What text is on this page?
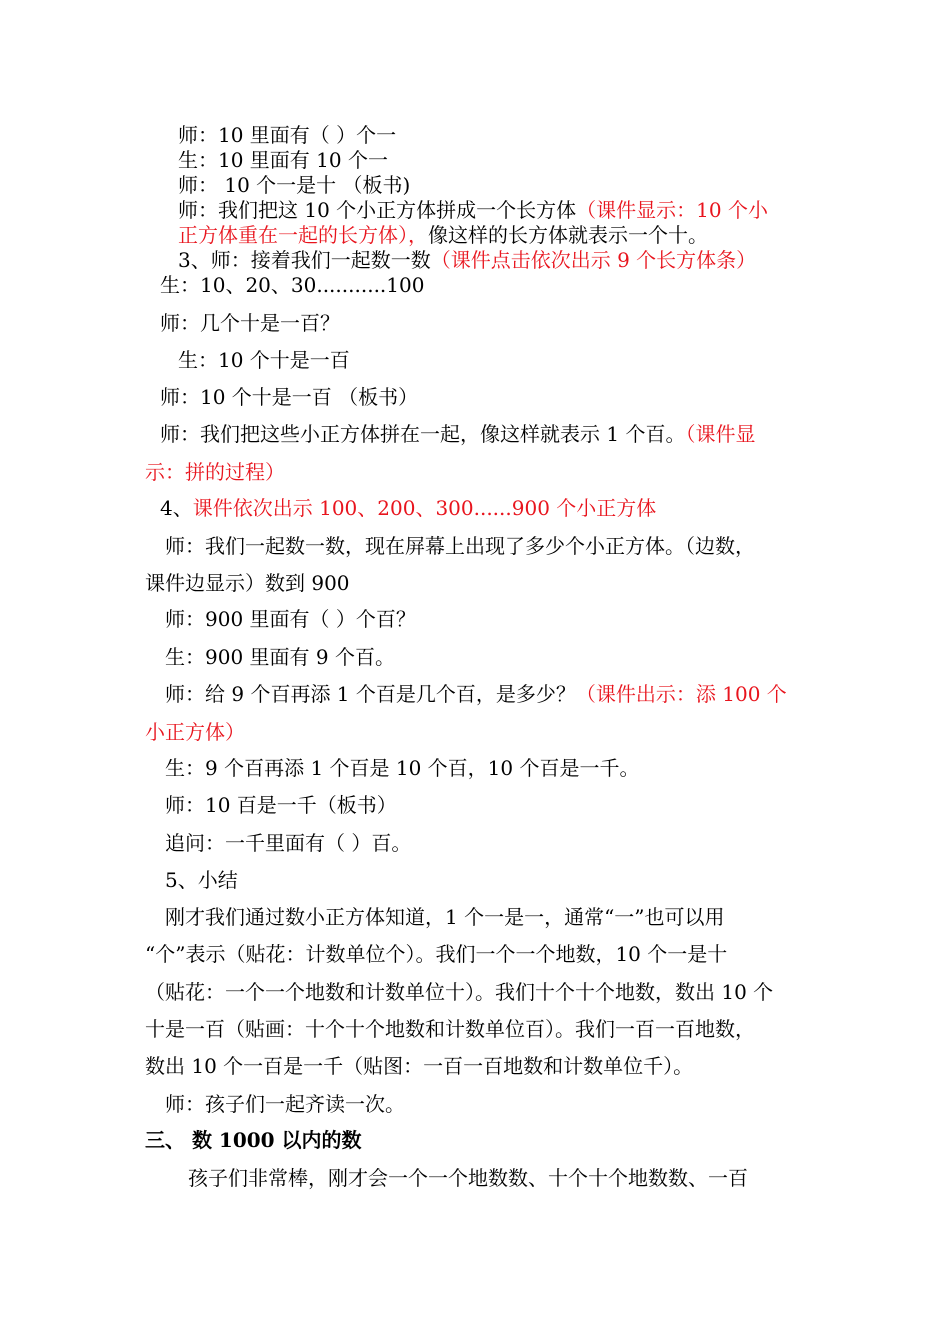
师：10 里面有（ ）个一
生：10 里面有 10 个一
师： 10 个一是十 （板书)
师：我们把这 10 个小正方体拼成一个长方体（课件显示：10 个小
正方体重在一起的长方体），像这样的长方体就表示一个十。
3、师：接着我们一起数一数（课件点击依次出示 9 个长方体条）
生：10、20、30...........100
师：几个十是一百？
生：10 个十是一百
师：10 个十是一百 （板书）
师：我们把这些小正方体拼在一起，像这样就表示 1 个百。（课件显
示：拼的过程）
4、课件依次出示 100、200、300......900 个小正方体
师：我们一起数一数，现在屏幕上出现了多少个小正方体。（边数，
课件边显示）数到 900
师：900 里面有（ ）个百？
生：900 里面有 9 个百。
师：给 9 个百再添 1 个百是几个百，是多少？（课件出示：添 100 个
小正方体）
生：9 个百再添 1 个百是 10 个百，10 个百是一千。
师：10 百是一千（板书）
追问：一千里面有（ ）百。
5、小结
刚才我们通过数小正方体知道，1 个一是一，通常“一”也可以用
“个”表示（贴花：计数单位个）。我们一个一个地数，10 个一是十
（贴花：一个一个地数和计数单位十）。我们十个十个地数，数出 10 个
十是一百（贴画：十个十个地数和计数单位百）。我们一百一百地数，
数出 10 个一百是一千（贴图：一百一百地数和计数单位千）。
师：孩子们一起齐读一次。
三、 数 1000 以内的数
孩子们非常棒，刚才会一个一个地数数、十个十个地数数、一百
